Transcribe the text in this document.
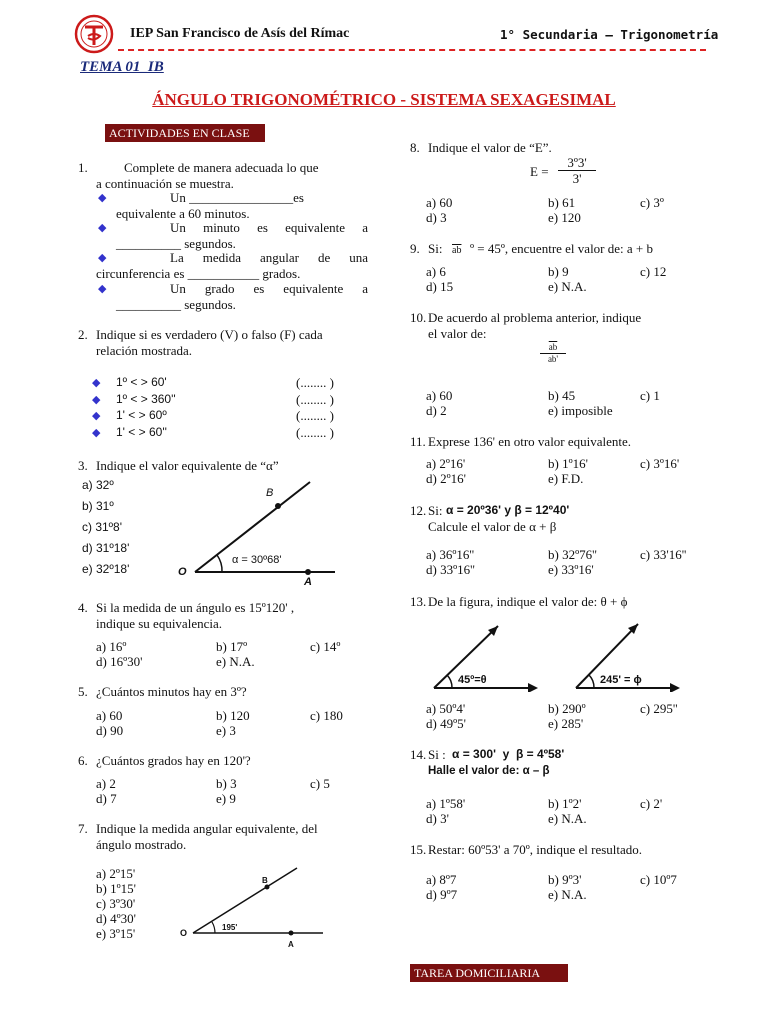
IEP San Francisco de Asís del Rímac	1° Secundaria – Trigonometría
TEMA 01_IB
ÁNGULO TRIGONOMÉTRICO - SISTEMA SEXAGESIMAL
ACTIVIDADES EN CLASE
1.	Complete de manera adecuada lo que
a continuación se muestra.
◆	Un ________________es
equivalente a 60 minutos.
◆	Un minuto es equivalente a
__________ segundos.
◆	La medida angular de una
circunferencia es ___________ grados.
◆	Un grado es equivalente a
__________ segundos.
2. Indique si es verdadero (V) o falso (F) cada
relación mostrada.
◆ 1º < > 60'	(........ )
◆ 1º < > 360''	(........ )
◆ 1' < > 60º	(........ )
◆ 1' < > 60''	(........ )
3. Indique el valor equivalente de “α”
a) 32º
b) 31º
c) 31º8'
d) 31º18'
e) 32º18'
B
O
A
α = 30º68'
4. Si la medida de un ángulo es 15º120' ,
indique su equivalencia.
a) 16º	b) 17º	c) 14º
d) 16º30'	e) N.A.
5. ¿Cuántos minutos hay en 3º?
a) 60	b) 120	c) 180
d) 90	e) 3
6. ¿Cuántos grados hay en 120'?
a) 2	b) 3	c) 5
d) 7	e) 9
7. Indique la medida angular equivalente, del
ángulo mostrado.
a) 2º15'
b) 1º15'
c) 3º30'
d) 4º30'
e) 3º15'
B
O
A
195'
8. Indique el valor de “E”.
$E = \frac{\text{3º3'}}{3'}$
a) 60	b) 61	c) 3º
d) 3	e) 120
9. Si: $\overline{ab}$ º = 45º, encuentre el valor de: a + b
a) 6	b) 9	c) 12
d) 15	e) N.A.
10. De acuerdo al problema anterior, indique
el valor de:
$\frac{\overline{ab}}{ab'}$
a) 60	b) 45	c) 1
d) 2	e) imposible
11. Exprese 136' en otro valor equivalente.
a) 2º16'	b) 1º16'	c) 3º16'
d) 2º16'	e) F.D.
12. Si: α = 20º36' y β = 12º40'
Calcule el valor de α + β
a) 36º16''	b) 32º76''	c) 33'16''
d) 33º16''	e) 33º16'
13. De la figura, indique el valor de: θ + ϕ
45º=θ	245' = ϕ
a) 50º4'	b) 290º	c) 295''
d) 49º5'	e) 285'
14. Si : α = 300'  y  β = 4º58'
Halle el valor de: α – β
a) 1º58'	b) 1º2'	c) 2'
d) 3'	e) N.A.
15. Restar: 60º53' a 70º, indique el resultado.
a) 8º7	b) 9º3'	c) 10º7
d) 9º7	e) N.A.
TAREA DOMICILIARIA
